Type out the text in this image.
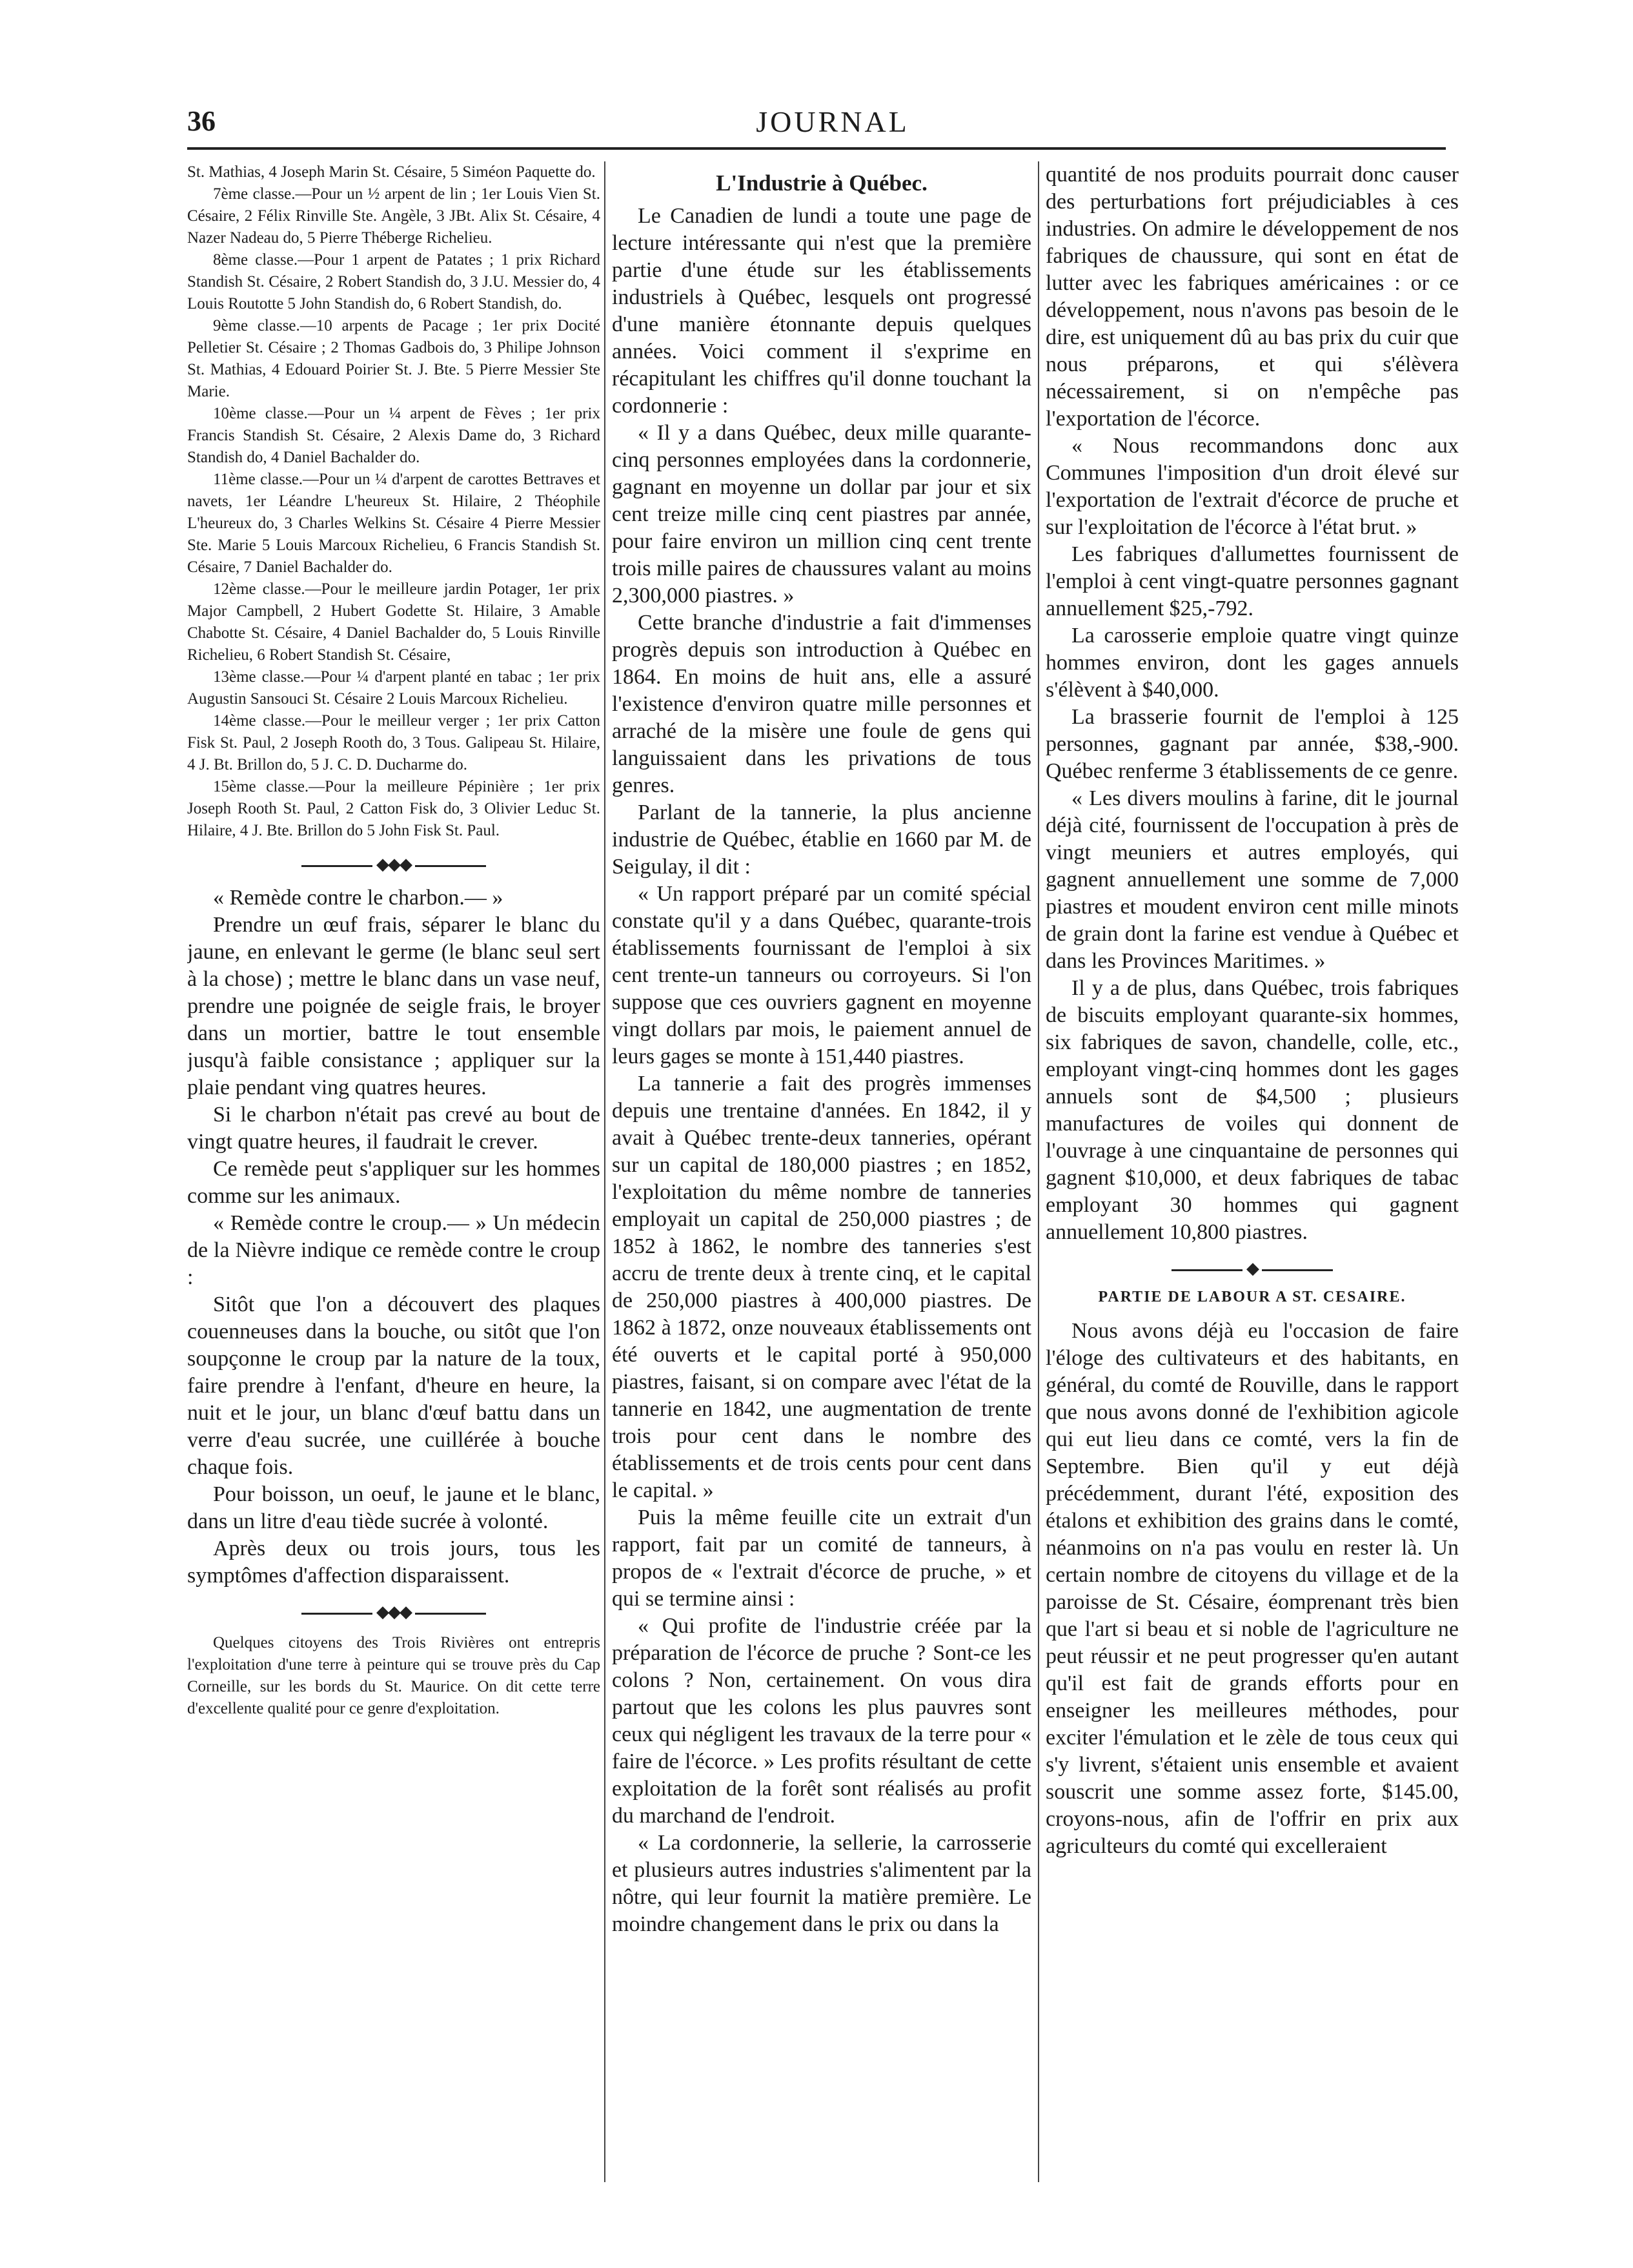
36	JOURNAL

St. Mathias, 4 Joseph Marin St. Césaire, 5 Siméon Paquette do.

7ème classe.—Pour un ½ arpent de lin ; 1er Louis Vien St. Césaire, 2 Félix Rinville Ste. Angèle, 3 JBt. Alix St. Césaire, 4 Nazer Nadeau do, 5 Pierre Théberge Richelieu.

8ème classe.—Pour 1 arpent de Patates ; 1 prix Richard Standish St. Césaire, 2 Robert Standish do, 3 J.U. Messier do, 4 Louis Routotte 5 John Standish do, 6 Robert Standish, do.

9ème classe.—10 arpents de Pacage ; 1er prix Docité Pelletier St. Césaire ; 2 Thomas Gadbois do, 3 Philipe Johnson St. Mathias, 4 Edouard Poirier St. J. Bte. 5 Pierre Messier Ste Marie.

10ème classe.—Pour un ¼ arpent de Fèves ; 1er prix Francis Standish St. Césaire, 2 Alexis Dame do, 3 Richard Standish do, 4 Daniel Bachalder do.

11ème classe.—Pour un ¼ d'arpent de carottes Bettraves et navets, 1er Léandre L'heureux St. Hilaire, 2 Théophile L'heureux do, 3 Charles Welkins St. Césaire 4 Pierre Messier Ste. Marie 5 Louis Marcoux Richelieu, 6 Francis Standish St. Césaire, 7 Daniel Bachalder do.

12ème classe.—Pour le meilleure jardin Potager, 1er prix Major Campbell, 2 Hubert Godette St. Hilaire, 3 Amable Chabotte St. Césaire, 4 Daniel Bachalder do, 5 Louis Rinville Richelieu, 6 Robert Standish St. Césaire,

13ème classe.—Pour ¼ d'arpent planté en tabac ; 1er prix Augustin Sansouci St. Césaire 2 Louis Marcoux Richelieu.

14ème classe.—Pour le meilleur verger ; 1er prix Catton Fisk St. Paul, 2 Joseph Rooth do, 3 Tous. Galipeau St. Hilaire, 4 J. Bt. Brillon do, 5 J. C. D. Ducharme do.

15ème classe.—Pour la meilleure Pépinière ; 1er prix Joseph Rooth St. Paul, 2 Catton Fisk do, 3 Olivier Leduc St. Hilaire, 4 J. Bte. Brillon do 5 John Fisk St. Paul.

◆◆◆

« Remède contre le charbon.— »

Prendre un œuf frais, séparer le blanc du jaune, en enlevant le germe (le blanc seul sert à la chose) ; mettre le blanc dans un vase neuf, prendre une poignée de seigle frais, le broyer dans un mortier, battre le tout ensemble jusqu'à faible consistance ; appliquer sur la plaie pendant ving quatres heures.

Si le charbon n'était pas crevé au bout de vingt quatre heures, il faudrait le crever.

Ce remède peut s'appliquer sur les hommes comme sur les animaux.

« Remède contre le croup.— » Un médecin de la Nièvre indique ce remède contre le croup :

Sitôt que l'on a découvert des plaques couenneuses dans la bouche, ou sitôt que l'on soupçonne le croup par la nature de la toux, faire prendre à l'enfant, d'heure en heure, la nuit et le jour, un blanc d'œuf battu dans un verre d'eau sucrée, une cuillérée à bouche chaque fois.

Pour boisson, un oeuf, le jaune et le blanc, dans un litre d'eau tiède sucrée à volonté.

Après deux ou trois jours, tous les symptômes d'affection disparaissent.

◆◆◆

Quelques citoyens des Trois Rivières ont entrepris l'exploitation d'une terre à peinture qui se trouve près du Cap Corneille, sur les bords du St. Maurice. On dit cette terre d'excellente qualité pour ce genre d'exploitation.

L'Industrie à Québec.

Le Canadien de lundi a toute une page de lecture intéressante qui n'est que la première partie d'une étude sur les établissements industriels à Québec, lesquels ont progressé d'une manière étonnante depuis quelques années. Voici comment il s'exprime en récapitulant les chiffres qu'il donne touchant la cordonnerie :

« Il y a dans Québec, deux mille quarante-cinq personnes employées dans la cordonnerie, gagnant en moyenne un dollar par jour et six cent treize mille cinq cent piastres par année, pour faire environ un million cinq cent trente trois mille paires de chaussures valant au moins 2,300,000 piastres. »

Cette branche d'industrie a fait d'immenses progrès depuis son introduction à Québec en 1864. En moins de huit ans, elle a assuré l'existence d'environ quatre mille personnes et arraché de la misère une foule de gens qui languissaient dans les privations de tous genres.

Parlant de la tannerie, la plus ancienne industrie de Québec, établie en 1660 par M. de Seigulay, il dit :

« Un rapport préparé par un comité spécial constate qu'il y a dans Québec, quarante-trois établissements fournissant de l'emploi à six cent trente-un tanneurs ou corroyeurs. Si l'on suppose que ces ouvriers gagnent en moyenne vingt dollars par mois, le paiement annuel de leurs gages se monte à 151,440 piastres.

La tannerie a fait des progrès immenses depuis une trentaine d'années. En 1842, il y avait à Québec trente-deux tanneries, opérant sur un capital de 180,000 piastres ; en 1852, l'exploitation du même nombre de tanneries employait un capital de 250,000 piastres ; de 1852 à 1862, le nombre des tanneries s'est accru de trente deux à trente cinq, et le capital de 250,000 piastres à 400,000 piastres. De 1862 à 1872, onze nouveaux établissements ont été ouverts et le capital porté à 950,000 piastres, faisant, si on compare avec l'état de la tannerie en 1842, une augmentation de trente trois pour cent dans le nombre des établissements et de trois cents pour cent dans le capital. »

Puis la même feuille cite un extrait d'un rapport, fait par un comité de tanneurs, à propos de « l'extrait d'écorce de pruche, » et qui se termine ainsi :

« Qui profite de l'industrie créée par la préparation de l'écorce de pruche ? Sont-ce les colons ? Non, certainement. On vous dira partout que les colons les plus pauvres sont ceux qui négligent les travaux de la terre pour « faire de l'écorce. » Les profits résultant de cette exploitation de la forêt sont réalisés au profit du marchand de l'endroit.

« La cordonnerie, la sellerie, la carrosserie et plusieurs autres industries s'alimentent par la nôtre, qui leur fournit la matière première. Le moindre changement dans le prix ou dans la

quantité de nos produits pourrait donc causer des perturbations fort préjudiciables à ces industries. On admire le développement de nos fabriques de chaussure, qui sont en état de lutter avec les fabriques américaines : or ce développement, nous n'avons pas besoin de le dire, est uniquement dû au bas prix du cuir que nous préparons, et qui s'élèvera nécessairement, si on n'empêche pas l'exportation de l'écorce.

« Nous recommandons donc aux Communes l'imposition d'un droit élevé sur l'exportation de l'extrait d'écorce de pruche et sur l'exploitation de l'écorce à l'état brut. »

Les fabriques d'allumettes fournissent de l'emploi à cent vingt-quatre personnes gagnant annuellement $25,-792.

La carosserie emploie quatre vingt quinze hommes environ, dont les gages annuels s'élèvent à $40,000.

La brasserie fournit de l'emploi à 125 personnes, gagnant par année, $38,-900. Québec renferme 3 établissements de ce genre.

« Les divers moulins à farine, dit le journal déjà cité, fournissent de l'occupation à près de vingt meuniers et autres employés, qui gagnent annuellement une somme de 7,000 piastres et moudent environ cent mille minots de grain dont la farine est vendue à Québec et dans les Provinces Maritimes. »

Il y a de plus, dans Québec, trois fabriques de biscuits employant quarante-six hommes, six fabriques de savon, chandelle, colle, etc., employant vingt-cinq hommes dont les gages annuels sont de $4,500 ; plusieurs manufactures de voiles qui donnent de l'ouvrage à une cinquantaine de personnes qui gagnent $10,000, et deux fabriques de tabac employant 30 hommes qui gagnent annuellement 10,800 piastres.

◆
PARTIE DE LABOUR A ST. CESAIRE.

Nous avons déjà eu l'occasion de faire l'éloge des cultivateurs et des habitants, en général, du comté de Rouville, dans le rapport que nous avons donné de l'exhibition agicole qui eut lieu dans ce comté, vers la fin de Septembre. Bien qu'il y eut déjà précédemment, durant l'été, exposition des étalons et exhibition des grains dans le comté, néanmoins on n'a pas voulu en rester là. Un certain nombre de citoyens du village et de la paroisse de St. Césaire, éomprenant très bien que l'art si beau et si noble de l'agriculture ne peut réussir et ne peut progresser qu'en autant qu'il est fait de grands efforts pour en enseigner les meilleures méthodes, pour exciter l'émulation et le zèle de tous ceux qui s'y livrent, s'étaient unis ensemble et avaient souscrit une somme assez forte, $145.00, croyons-nous, afin de l'offrir en prix aux agriculteurs du comté qui excelleraient
